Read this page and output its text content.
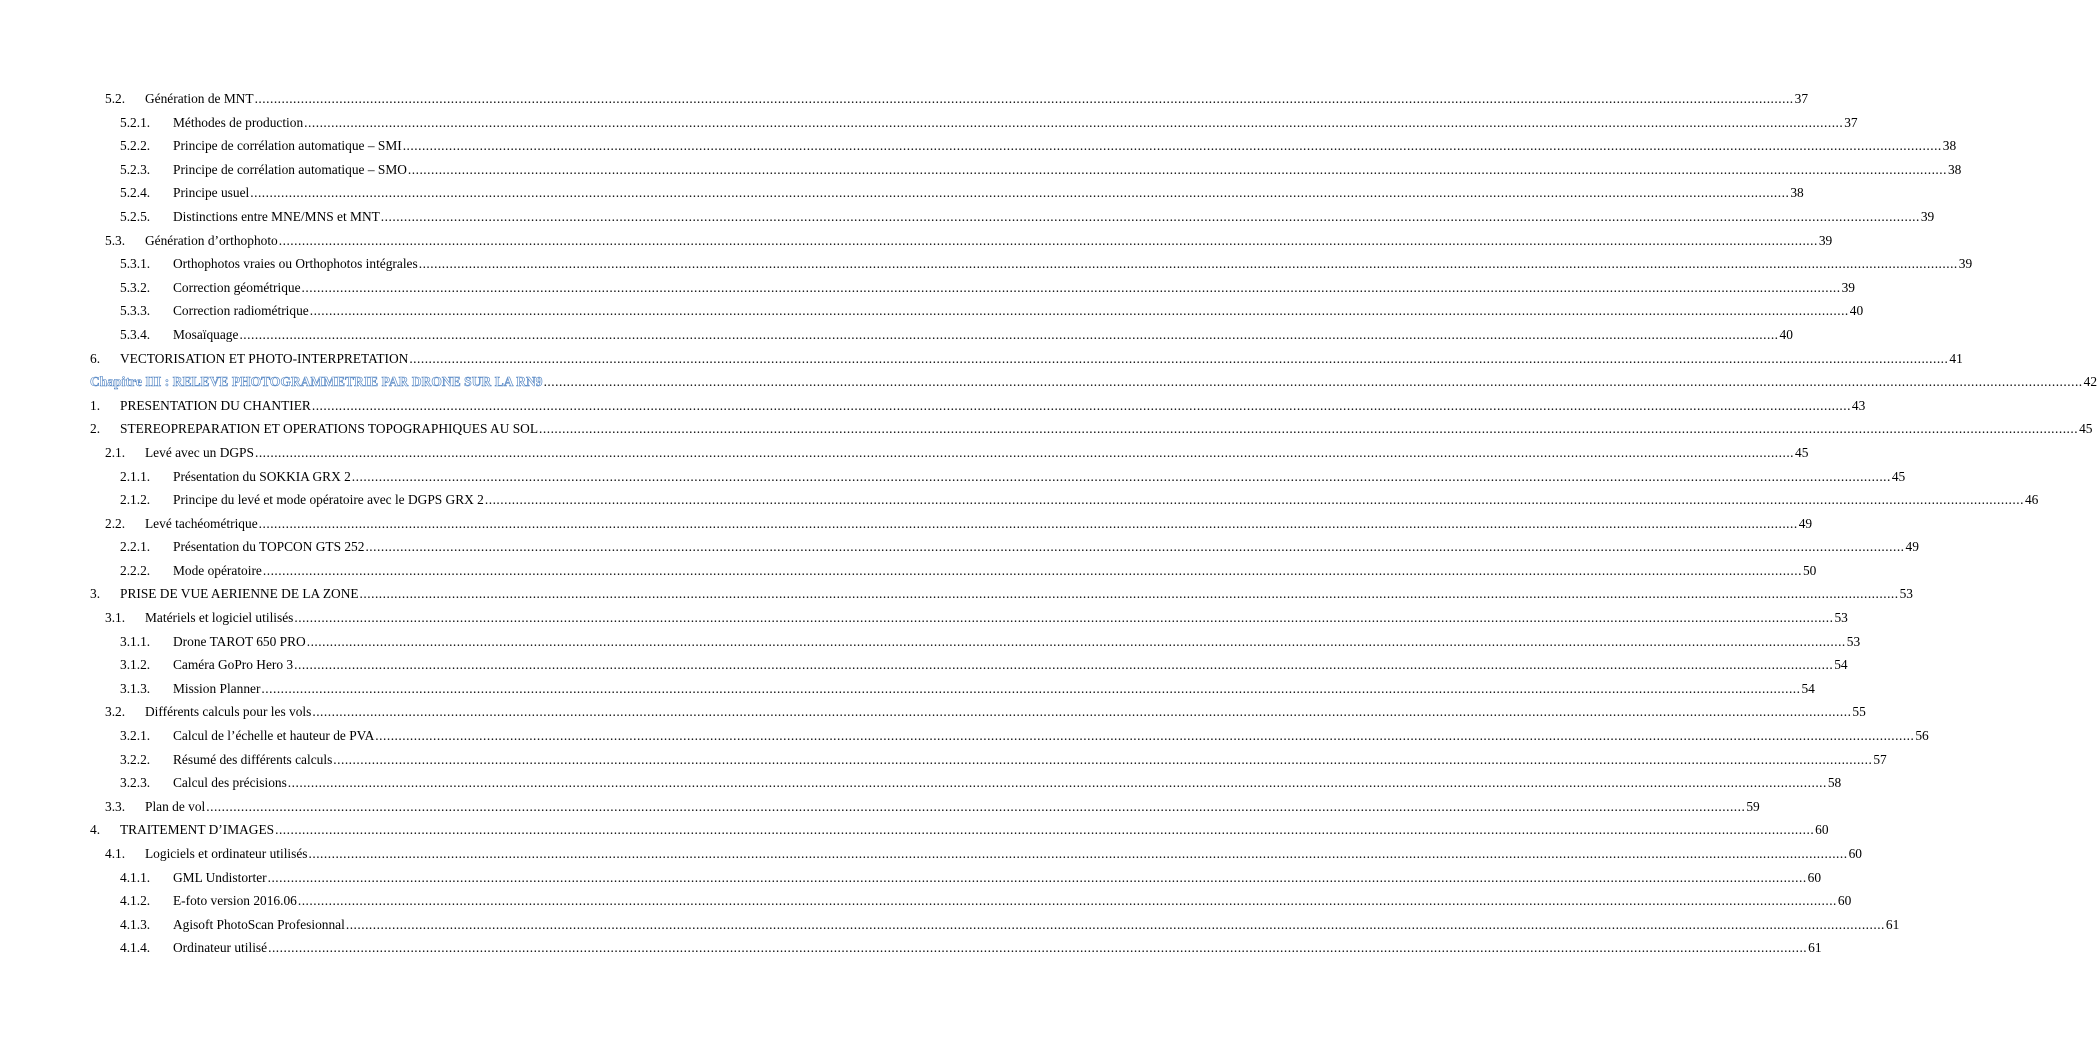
5.2. Génération de MNT ................................................................................................................................................................................................................................................................................................................................................................................................................ 37
5.2.1. Méthodes de production ................................................................................................................................................................................................................................................................................................................................................................................................................ 37
5.2.2. Principe de corrélation automatique – SMI ................................................................................................................................................................................................................................................................................................................................................................................................................ 38
5.2.3. Principe de corrélation automatique – SMO ................................................................................................................................................................................................................................................................................................................................................................................................................ 38
5.2.4. Principe usuel ................................................................................................................................................................................................................................................................................................................................................................................................................ 38
5.2.5. Distinctions entre MNE/MNS et MNT ................................................................................................................................................................................................................................................................................................................................................................................................................ 39
5.3. Génération d’orthophoto ................................................................................................................................................................................................................................................................................................................................................................................................................ 39
5.3.1. Orthophotos vraies ou Orthophotos intégrales ................................................................................................................................................................................................................................................................................................................................................................................................................ 39
5.3.2. Correction géométrique ................................................................................................................................................................................................................................................................................................................................................................................................................ 39
5.3.3. Correction radiométrique ................................................................................................................................................................................................................................................................................................................................................................................................................ 40
5.3.4. Mosaïquage ................................................................................................................................................................................................................................................................................................................................................................................................................ 40
6. VECTORISATION ET PHOTO-INTERPRETATION ................................................................................................................................................................................................................................................................................................................................................................................................................ 41
Chapitre III : RELEVE PHOTOGRAMMETRIE PAR DRONE SUR LA RN9 ................................................................................................................................................................................................................................................................................................................................................................................................................ 42
1. PRESENTATION DU CHANTIER ................................................................................................................................................................................................................................................................................................................................................................................................................ 43
2. STEREOPREPARATION ET OPERATIONS TOPOGRAPHIQUES AU SOL ................................................................................................................................................................................................................................................................................................................................................................................................................ 45
2.1. Levé avec un DGPS ................................................................................................................................................................................................................................................................................................................................................................................................................ 45
2.1.1. Présentation du SOKKIA GRX 2 ................................................................................................................................................................................................................................................................................................................................................................................................................ 45
2.1.2. Principe du levé et mode opératoire avec le DGPS GRX 2 ................................................................................................................................................................................................................................................................................................................................................................................................................ 46
2.2. Levé tachéométrique ................................................................................................................................................................................................................................................................................................................................................................................................................ 49
2.2.1. Présentation du TOPCON GTS 252 ................................................................................................................................................................................................................................................................................................................................................................................................................ 49
2.2.2. Mode opératoire ................................................................................................................................................................................................................................................................................................................................................................................................................ 50
3. PRISE DE VUE AERIENNE DE LA ZONE ................................................................................................................................................................................................................................................................................................................................................................................................................ 53
3.1. Matériels et logiciel utilisés ................................................................................................................................................................................................................................................................................................................................................................................................................ 53
3.1.1. Drone TAROT 650 PRO ................................................................................................................................................................................................................................................................................................................................................................................................................ 53
3.1.2. Caméra GoPro Hero 3 ................................................................................................................................................................................................................................................................................................................................................................................................................ 54
3.1.3. Mission Planner ................................................................................................................................................................................................................................................................................................................................................................................................................ 54
3.2. Différents calculs pour les vols ................................................................................................................................................................................................................................................................................................................................................................................................................ 55
3.2.1. Calcul de l’échelle et hauteur de PVA ................................................................................................................................................................................................................................................................................................................................................................................................................ 56
3.2.2. Résumé des différents calculs ................................................................................................................................................................................................................................................................................................................................................................................................................ 57
3.2.3. Calcul des précisions ................................................................................................................................................................................................................................................................................................................................................................................................................ 58
3.3. Plan de vol ................................................................................................................................................................................................................................................................................................................................................................................................................ 59
4. TRAITEMENT D’IMAGES ................................................................................................................................................................................................................................................................................................................................................................................................................ 60
4.1. Logiciels et ordinateur utilisés ................................................................................................................................................................................................................................................................................................................................................................................................................ 60
4.1.1. GML Undistorter ................................................................................................................................................................................................................................................................................................................................................................................................................ 60
4.1.2. E-foto version 2016.06 ................................................................................................................................................................................................................................................................................................................................................................................................................ 60
4.1.3. Agisoft PhotoScan Profesionnal ................................................................................................................................................................................................................................................................................................................................................................................................................ 61
4.1.4. Ordinateur utilisé ................................................................................................................................................................................................................................................................................................................................................................................................................ 61
